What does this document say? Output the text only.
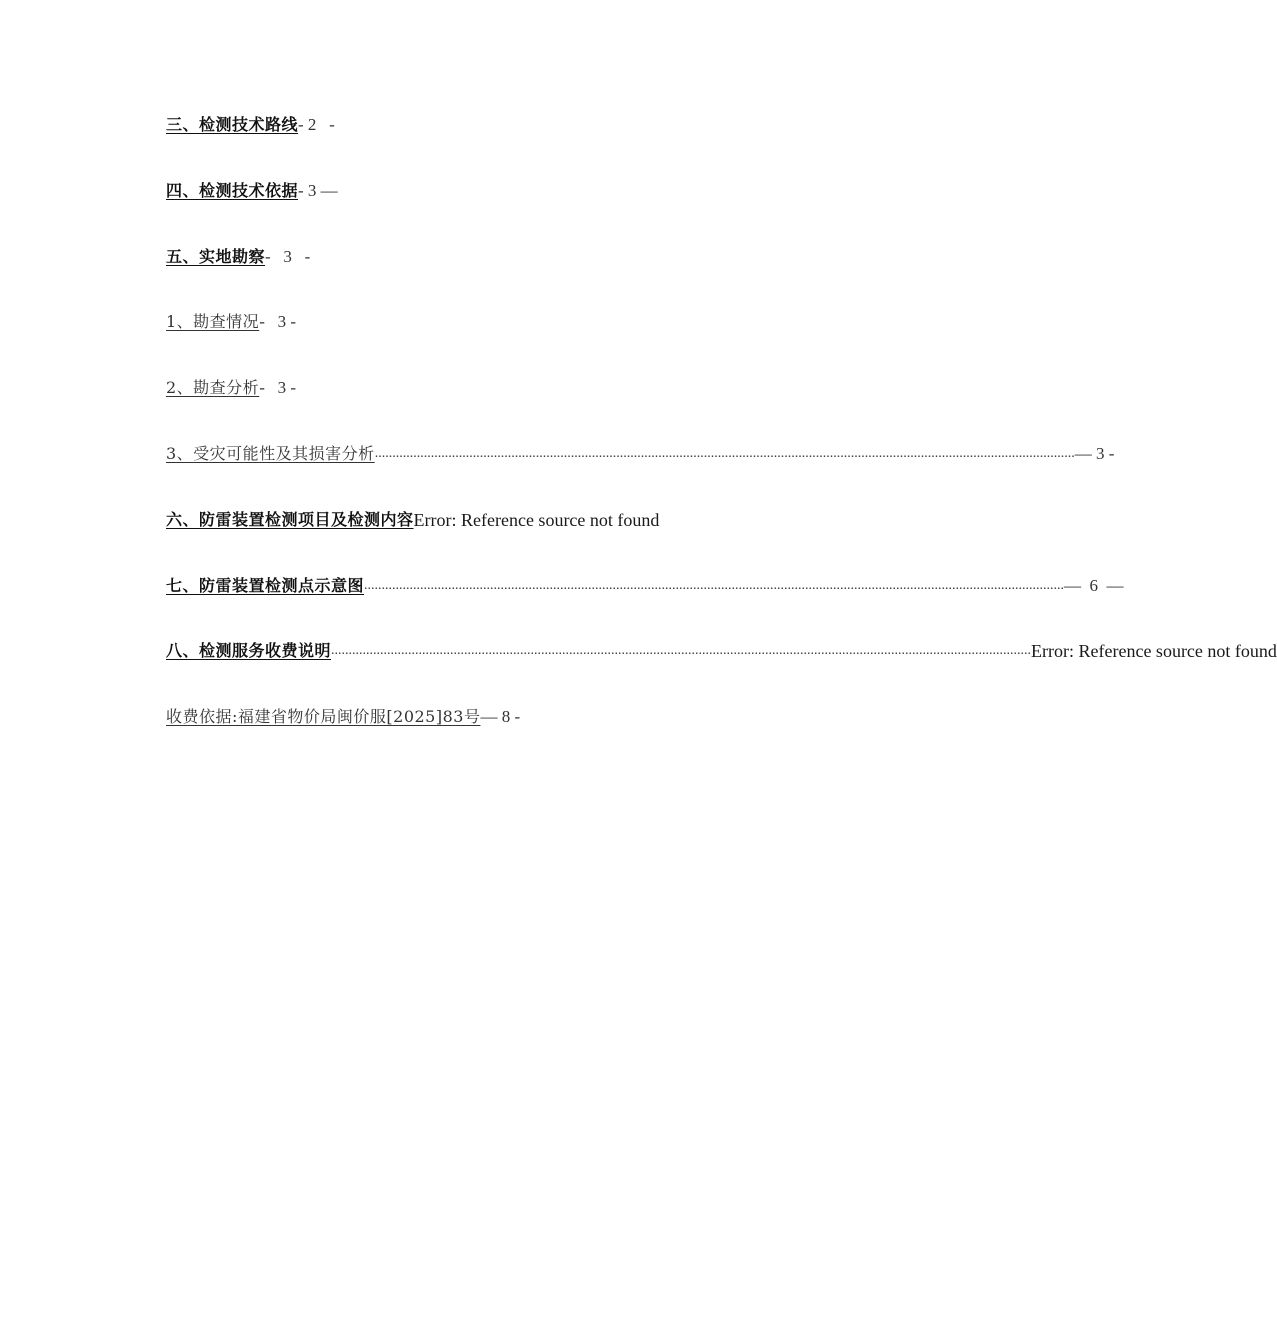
三、检测技术路线 - 2   -
四、检测技术依据 - 3 —
五、实地勘察 -   3   -
1、勘查情况 -   3 -
2、勘查分析 -   3 -
3、受灾可能性及其损害分析 ........................................................................................................................................................................................................ — 3 -
六、防雷装置检测项目及检测内容 Error: Reference source not found
七、防雷装置检测点示意图 ........................................................................................................................................................................................................ —  6  —
八、检测服务收费说明 ........................................................................................................................................................................................................ Error: Reference source not found
收费依据:福建省物价局闽价服[2025]83号 — 8 -
